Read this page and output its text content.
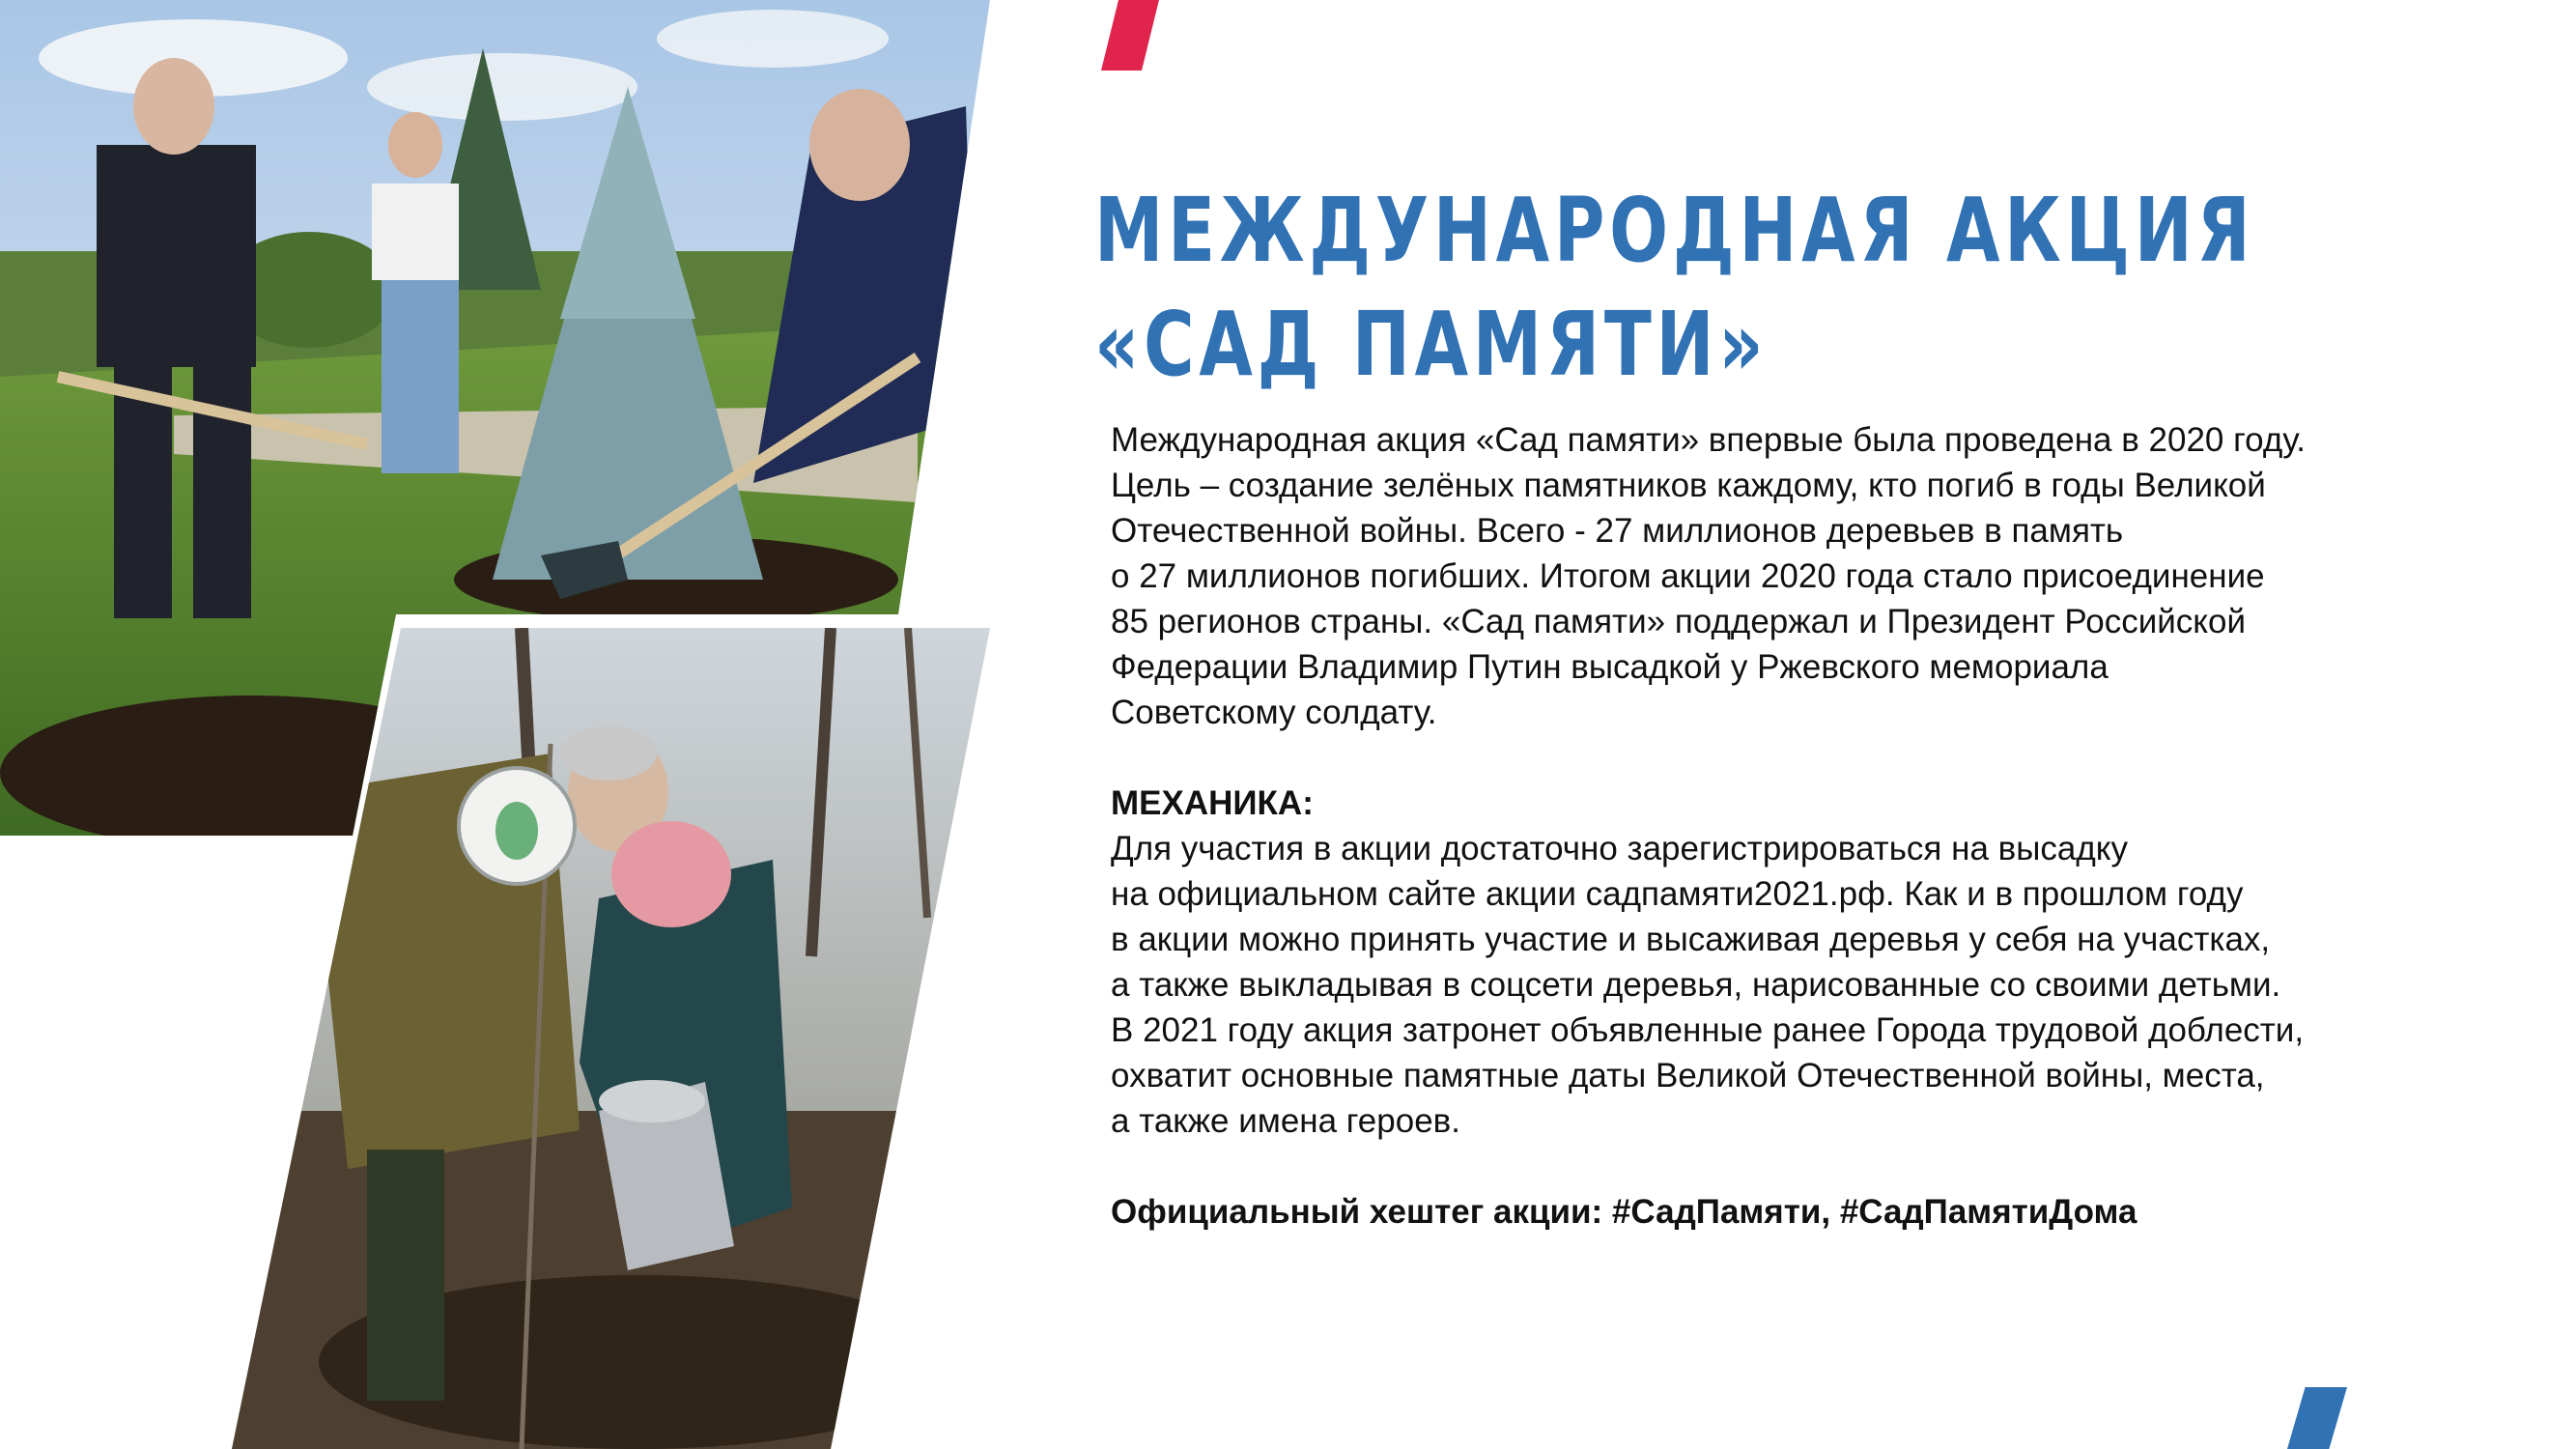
МЕЖДУНАРОДНАЯ АКЦИЯ
«САД ПАМЯТИ»

Международная акция «Сад памяти» впервые была проведена в 2020 году.

Цель – создание зелёных памятников каждому, кто погиб в годы Великой

Отечественной войны. Всего - 27 миллионов деревьев в память

о 27 миллионов погибших. Итогом акции 2020 года стало присоединение

85 регионов страны. «Сад памяти» поддержал и Президент Российской

Федерации Владимир Путин высадкой у Ржевского мемориала

Советскому солдату.

МЕХАНИКА:

Для участия в акции достаточно зарегистрироваться на высадку

на официальном сайте акции садпамяти2021.рф. Как и в прошлом году

в акции можно принять участие и высаживая деревья у себя на участках,

а также выкладывая в соцсети деревья, нарисованные со своими детьми.

В 2021 году акция затронет объявленные ранее Города трудовой доблести,

охватит основные памятные даты Великой Отечественной войны, места,

а также имена героев.

Официальный хештег акции: #СадПамяти, #СадПамятиДома
